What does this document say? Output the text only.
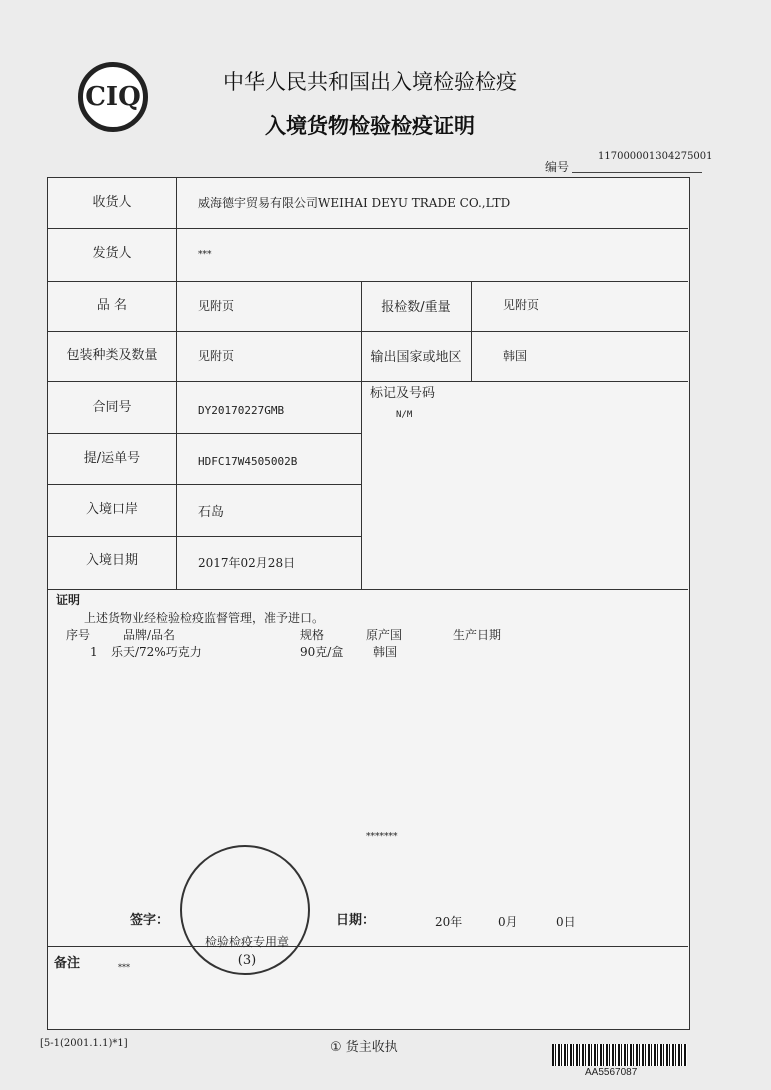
CIQ	中华人民共和国出入境检验检疫
入境货物检验检疫证明
编号
117000001304275001
收货人	威海德宇贸易有限公司WEIHAI DEYU TRADE CO.,LTD
发货人	***
品 名	见附页	报检数/重量	见附页
包装种类及数量	见附页	输出国家或地区	韩国
合同号	DY20170227GMB
标记及号码
N/M
提/运单号	HDFC17W4505002B
入境口岸	石岛
入境日期	2017年02月28日
证明
上述货物业经检验检疫监督管理，准予进口。
序号	品牌/品名	规格	原产国	生产日期
1 乐天/72%巧克力	90克/盒 韩国
*******
签字：	日期：	20年	0月	0日
备注	***
检验检疫专用章
(3)
[5-1(2001.1.1)*1]	① 货主收执
AA5567087
